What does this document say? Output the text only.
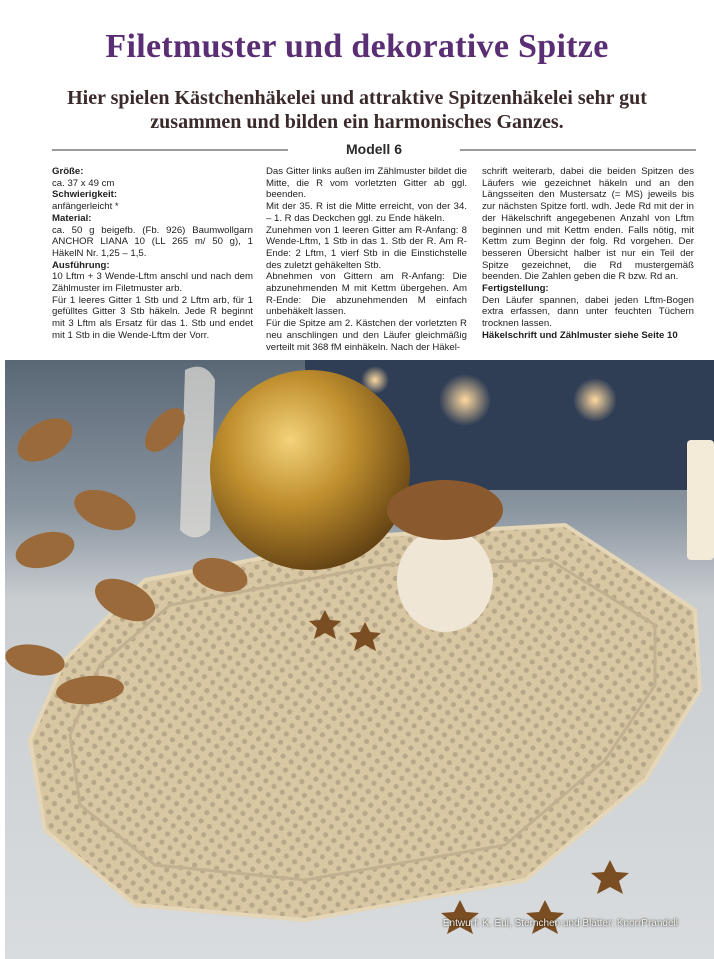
Filetmuster und dekorative Spitze
Hier spielen Kästchenhäkelei und attraktive Spitzenhäkelei sehr gut zusammen und bilden ein harmonisches Ganzes.
Modell 6

Größe:

ca. 37 x 49 cm

Schwierigkeit:

anfängerleicht *

Material:

ca. 50 g beigefb. (Fb. 926) Baumwollgarn ANCHOR LIANA 10 (LL 265 m/ 50 g), 1 HäkelN Nr. 1,25 – 1,5.

Ausführung:

10 Lftm + 3 Wende-Lftm anschl und nach dem Zählmuster im Filetmuster arb.

Für 1 leeres Gitter 1 Stb und 2 Lftm arb, für 1 gefülltes Gitter 3 Stb häkeln. Jede R beginnt mit 3 Lftm als Ersatz für das 1. Stb und endet mit 1 Stb in die Wende-Lftm der Vorr.

Das Gitter links außen im Zählmuster bildet die Mitte, die R vom vorletzten Gitter ab ggl. beenden.

Mit der 35. R ist die Mitte erreicht, von der 34. – 1. R das Deckchen ggl. zu Ende häkeln.

Zunehmen von 1 leeren Gitter am R-Anfang: 8 Wende-Lftm, 1 Stb in das 1. Stb der R. Am R-Ende: 2 Lftm, 1 vierf Stb in die Einstichstelle des zuletzt gehäkelten Stb.

Abnehmen von Gittern am R-Anfang: Die abzunehmenden M mit Kettm übergehen. Am R-Ende: Die abzunehmenden M einfach unbehäkelt lassen.

Für die Spitze am 2. Kästchen der vorletzten R neu anschlingen und den Läufer gleichmäßig verteilt mit 368 fM einhäkeln. Nach der Häkel-

schrift weiterarb, dabei die beiden Spitzen des Läufers wie gezeichnet häkeln und an den Längsseiten den Mustersatz (= MS) jeweils bis zur nächsten Spitze fortl. wdh. Jede Rd mit der in der Häkelschrift angegebenen Anzahl von Lftm beginnen und mit Kettm enden. Falls nötig, mit Kettm zum Beginn der folg. Rd vorgehen. Der besseren Übersicht halber ist nur ein Teil der Spitze gezeichnet, die Rd mustergemäß beenden. Die Zahlen geben die R bzw. Rd an.

Fertigstellung:

Den Läufer spannen, dabei jeden Lftm-Bogen extra erfassen, dann unter feuchten Tüchern trocknen lassen.

Häkelschrift und Zählmuster siehe Seite 10

Entwurf: K. Eul, Sternchen und Blätter: KnorrPrandell
